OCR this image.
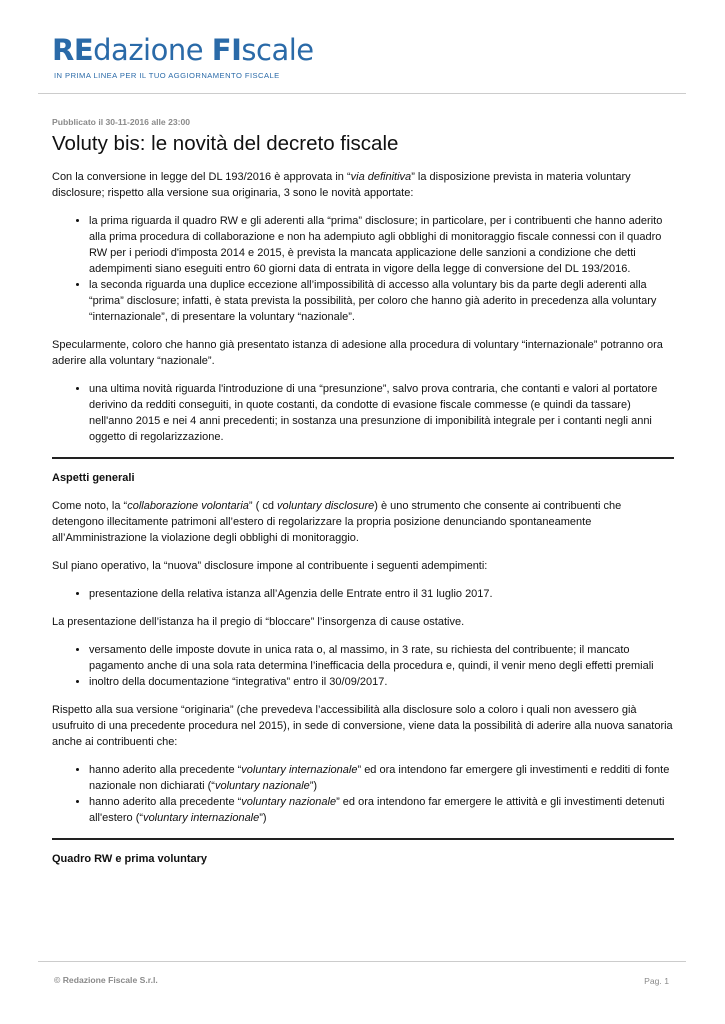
REdazione FIscale
IN PRIMA LINEA PER IL TUO AGGIORNAMENTO FISCALE
Pubblicato il 30-11-2016 alle 23:00
Voluty bis: le novità del decreto fiscale

Con la conversione in legge del DL 193/2016 è approvata in “via definitiva” la disposizione prevista in materia voluntary disclosure; rispetto alla versione sua originaria, 3 sono le novità apportate:

• la prima riguarda il quadro RW e gli aderenti alla “prima” disclosure; in particolare, per i contribuenti che hanno aderito alla prima procedura di collaborazione e non ha adempiuto agli obblighi di monitoraggio fiscale connessi con il quadro RW per i periodi d'imposta 2014 e 2015, è prevista la mancata applicazione delle sanzioni a condizione che detti adempimenti siano eseguiti entro 60 giorni data di entrata in vigore della legge di conversione del DL 193/2016.
• la seconda riguarda una duplice eccezione all’impossibilità di accesso alla voluntary bis da parte degli aderenti alla “prima” disclosure; infatti, è stata prevista la possibilità, per coloro che hanno già aderito in precedenza alla voluntary “internazionale”, di presentare la voluntary “nazionale”.

Specularmente, coloro che hanno già presentato istanza di adesione alla procedura di voluntary “internazionale” potranno ora aderire alla voluntary “nazionale”.

• una ultima novità riguarda l'introduzione di una “presunzione”, salvo prova contraria, che contanti e valori al portatore derivino da redditi conseguiti, in quote costanti, da condotte di evasione fiscale commesse (e quindi da tassare) nell'anno 2015 e nei 4 anni precedenti; in sostanza una presunzione di imponibilità integrale per i contanti negli anni oggetto di regolarizzazione.
Aspetti generali

Come noto, la “collaborazione volontaria” ( cd voluntary disclosure) è uno strumento che consente ai contribuenti che detengono illecitamente patrimoni all’estero di regolarizzare la propria posizione denunciando spontaneamente all’Amministrazione la violazione degli obblighi di monitoraggio.

Sul piano operativo, la “nuova” disclosure impone al contribuente i seguenti adempimenti:

• presentazione della relativa istanza all’Agenzia delle Entrate entro il 31 luglio 2017.

La presentazione dell’istanza ha il pregio di “bloccare” l’insorgenza di cause ostative.

• versamento delle imposte dovute in unica rata o, al massimo, in 3 rate, su richiesta del contribuente; il mancato pagamento anche di una sola rata determina l’inefficacia della procedura e, quindi, il venir meno degli effetti premiali
• inoltro della documentazione “integrativa” entro il 30/09/2017.

Rispetto alla sua versione “originaria” (che prevedeva l’accessibilità alla disclosure solo a coloro i quali non avessero già usufruito di una precedente procedura nel 2015), in sede di conversione, viene data la possibilità di aderire alla nuova sanatoria anche ai contribuenti che:

• hanno aderito alla precedente “voluntary internazionale” ed ora intendono far emergere gli investimenti e redditi di fonte nazionale non dichiarati (“voluntary nazionale”)
• hanno aderito alla precedente “voluntary nazionale” ed ora intendono far emergere le attività e gli investimenti detenuti all'estero (“voluntary internazionale”)
Quadro RW e prima voluntary
© Redazione Fiscale S.r.l.	Pag. 1
